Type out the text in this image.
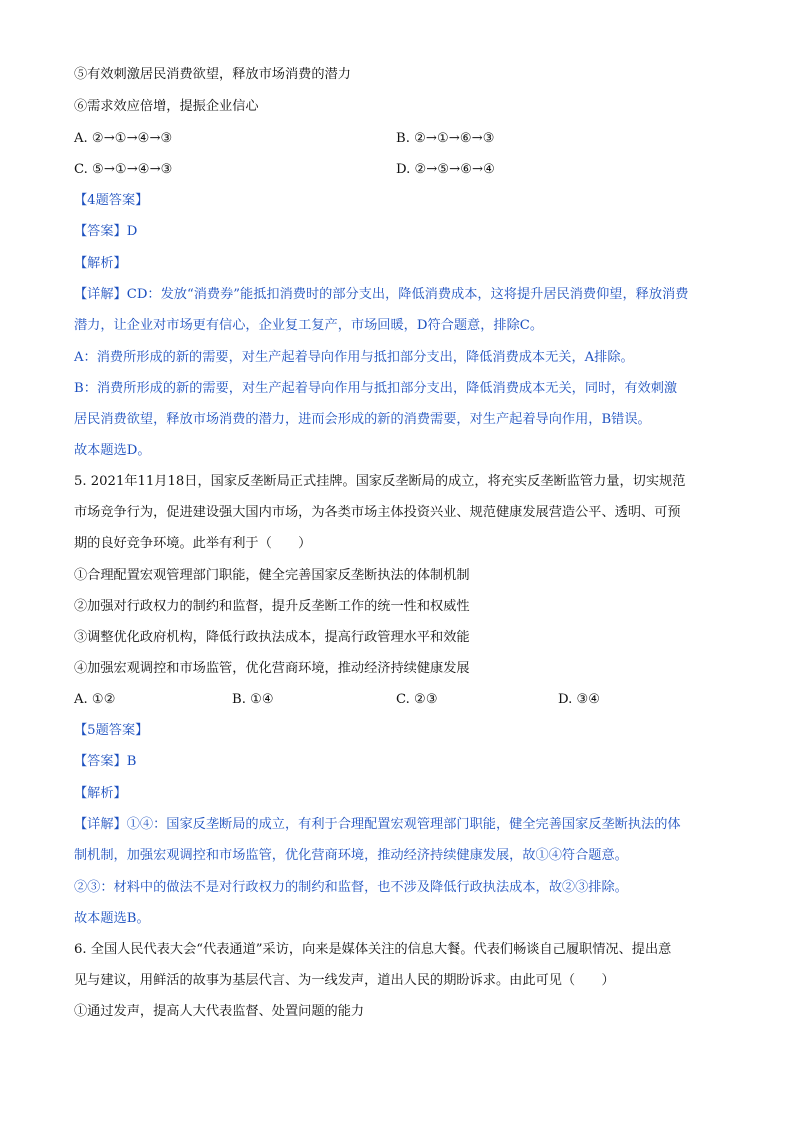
⑤有效刺激居民消费欲望，释放市场消费的潜力
⑥需求效应倍增，提振企业信心
A. ②→①→④→③	B. ②→①→⑥→③
C. ⑤→①→④→③	D. ②→⑤→⑥→④
【4题答案】
【答案】D
【解析】
【详解】CD：发放“消费券”能抵扣消费时的部分支出，降低消费成本，这将提升居民消费仰望，释放消费
潜力，让企业对市场更有信心，企业复工复产，市场回暖，D符合题意，排除C。
A：消费所形成的新的需要，对生产起着导向作用与抵扣部分支出，降低消费成本无关，A排除。
B：消费所形成的新的需要，对生产起着导向作用与抵扣部分支出，降低消费成本无关，同时，有效刺激
居民消费欲望，释放市场消费的潜力，进而会形成的新的消费需要，对生产起着导向作用，B错误。
故本题选D。
5. 2021年11月18日，国家反垄断局正式挂牌。国家反垄断局的成立，将充实反垄断监管力量，切实规范
市场竞争行为，促进建设强大国内市场，为各类市场主体投资兴业、规范健康发展营造公平、透明、可预
期的良好竞争环境。此举有利于（　　）
①合理配置宏观管理部门职能，健全完善国家反垄断执法的体制机制
②加强对行政权力的制约和监督，提升反垄断工作的统一性和权威性
③调整优化政府机构，降低行政执法成本，提高行政管理水平和效能
④加强宏观调控和市场监管，优化营商环境，推动经济持续健康发展
A. ①②	B. ①④	C. ②③	D. ③④
【5题答案】
【答案】B
【解析】
【详解】①④：国家反垄断局的成立，有利于合理配置宏观管理部门职能，健全完善国家反垄断执法的体
制机制，加强宏观调控和市场监管，优化营商环境，推动经济持续健康发展，故①④符合题意。
②③：材料中的做法不是对行政权力的制约和监督，也不涉及降低行政执法成本，故②③排除。
故本题选B。
6. 全国人民代表大会“代表通道”采访，向来是媒体关注的信息大餐。代表们畅谈自己履职情况、提出意
见与建议，用鲜活的故事为基层代言、为一线发声，道出人民的期盼诉求。由此可见（　　）
①通过发声，提高人大代表监督、处置问题的能力
